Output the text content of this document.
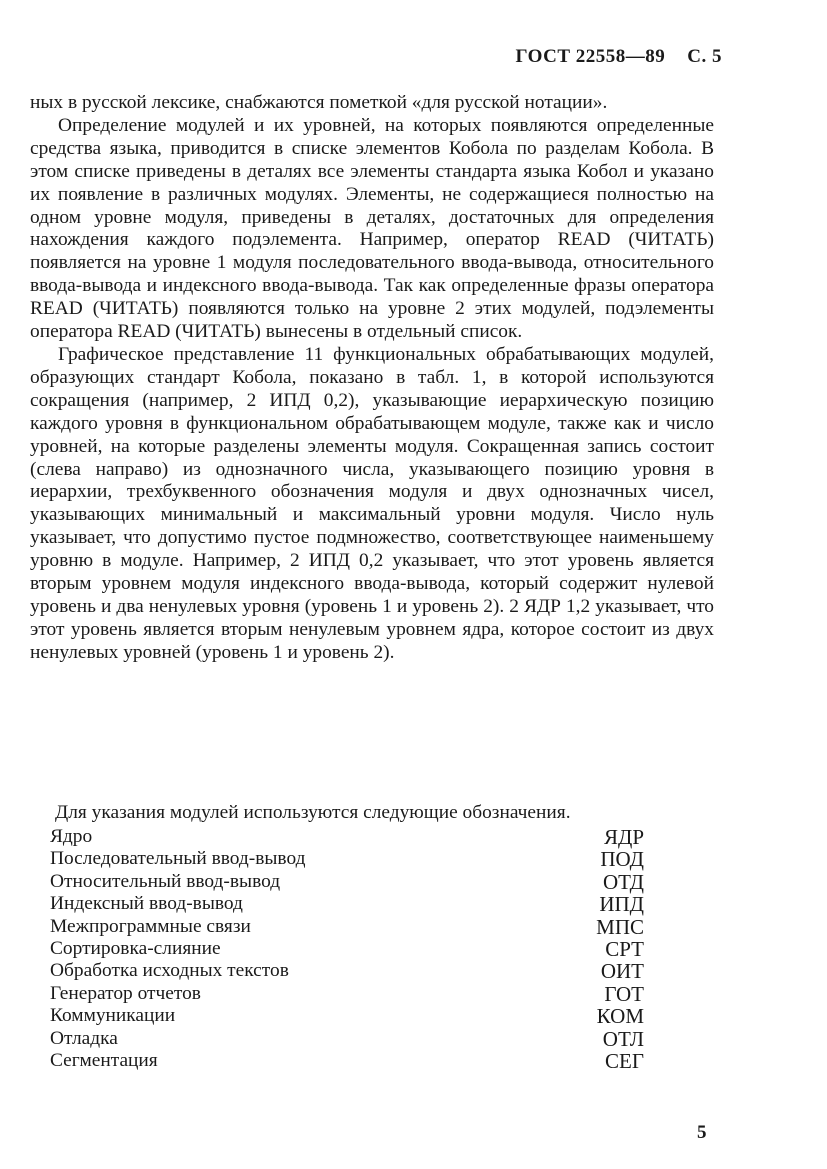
ГОСТ 22558—89 С. 5

ных в русской лексике, снабжаются пометкой «для русской нотации».

Определение модулей и их уровней, на которых появляются определенные средства языка, приводится в списке элементов Кобола по разделам Кобола. В этом списке приведены в деталях все элементы стандарта языка Кобол и указано их появление в различных модулях. Элементы, не содержащиеся полностью на одном уровне модуля, приведены в деталях, достаточных для определения нахождения каждого подэлемента. Например, оператор READ (ЧИТАТЬ) появляется на уровне 1 модуля последовательного ввода-вывода, относительного ввода-вывода и индексного ввода-вывода. Так как определенные фразы оператора READ (ЧИТАТЬ) появляются только на уровне 2 этих модулей, подэлементы оператора READ (ЧИТАТЬ) вынесены в отдельный список.

Графическое представление 11 функциональных обрабатывающих модулей, образующих стандарт Кобола, показано в табл. 1, в которой используются сокращения (например, 2 ИПД 0,2), указывающие иерархическую позицию каждого уровня в функциональном обрабатывающем модуле, также как и число уровней, на которые разделены элементы модуля. Сокращенная запись состоит (слева направо) из однозначного числа, указывающего позицию уровня в иерархии, трехбуквенного обозначения модуля и двух однозначных чисел, указывающих минимальный и максимальный уровни модуля. Число нуль указывает, что допустимо пустое подмножество, соответствующее наименьшему уровню в модуле. Например, 2 ИПД 0,2 указывает, что этот уровень является вторым уровнем модуля индексного ввода-вывода, который содержит нулевой уровень и два ненулевых уровня (уровень 1 и уровень 2). 2 ЯДР 1,2 указывает, что этот уровень является вторым ненулевым уровнем ядра, которое состоит из двух ненулевых уровней (уровень 1 и уровень 2).

Для указания модулей используются следующие обозначения.
Ядро	ЯДР
Последовательный ввод-вывод	ПОД
Относительный ввод-вывод	ОТД
Индексный ввод-вывод	ИПД
Межпрограммные связи	МПС
Сортировка-слияние	СРТ
Обработка исходных текстов	ОИТ
Генератор отчетов	ГОТ
Коммуникации	КОМ
Отладка	ОТЛ
Сегментация	СЕГ
5
